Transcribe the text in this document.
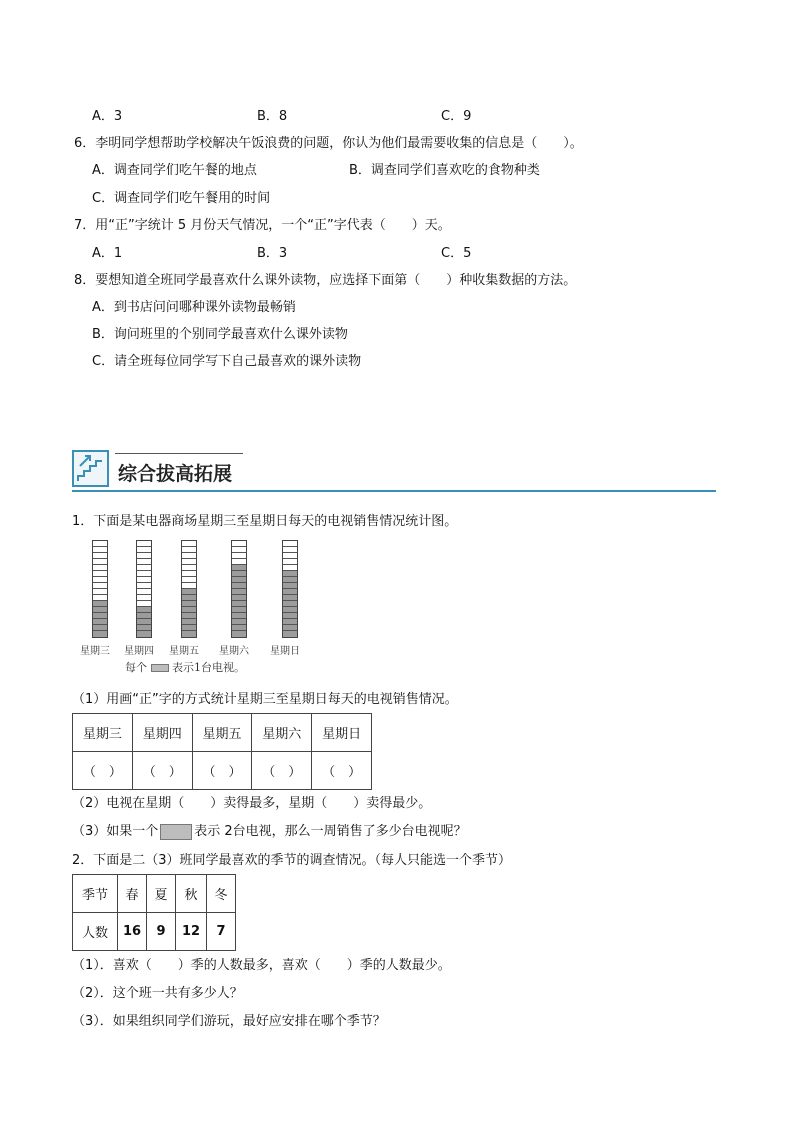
A．3	B．8	C．9
6．李明同学想帮助学校解决午饭浪费的问题，你认为他们最需要收集的信息是（　　）。
A．调查同学们吃午餐的地点	B．调查同学们喜欢吃的食物种类
C．调查同学们吃午餐用的时间
7．用“正”字统计 5 月份天气情况，一个“正”字代表（　　）天。
A．1	B．3	C．5
8．要想知道全班同学最喜欢什么课外读物，应选择下面第（　　）种收集数据的方法。
A．到书店问问哪种课外读物最畅销
B．询问班里的个别同学最喜欢什么课外读物
C．请全班每位同学写下自己最喜欢的课外读物
综合拔高拓展
1．下面是某电器商场星期三至星期日每天的电视销售情况统计图。
星期三 星期四 星期五 星期六 星期日
每个 表示1台电视。
（1）用画“正”字的方式统计星期三至星期日每天的电视销售情况。
星期三	星期四	星期五	星期六	星期日
（　）	（　）	（　）	（　）	（　）
（2）电视在星期（　　）卖得最多，星期（　　）卖得最少。
（3）如果一个	表示 2台电视，那么一周销售了多少台电视呢？
2．下面是二（3）班同学最喜欢的季节的调查情况。（每人只能选一个季节）
季节	春	夏	秋	冬
人数	16	9	12	7
（1）．喜欢（　　）季的人数最多，喜欢（　　）季的人数最少。
（2）．这个班一共有多少人？
（3）．如果组织同学们游玩，最好应安排在哪个季节？
